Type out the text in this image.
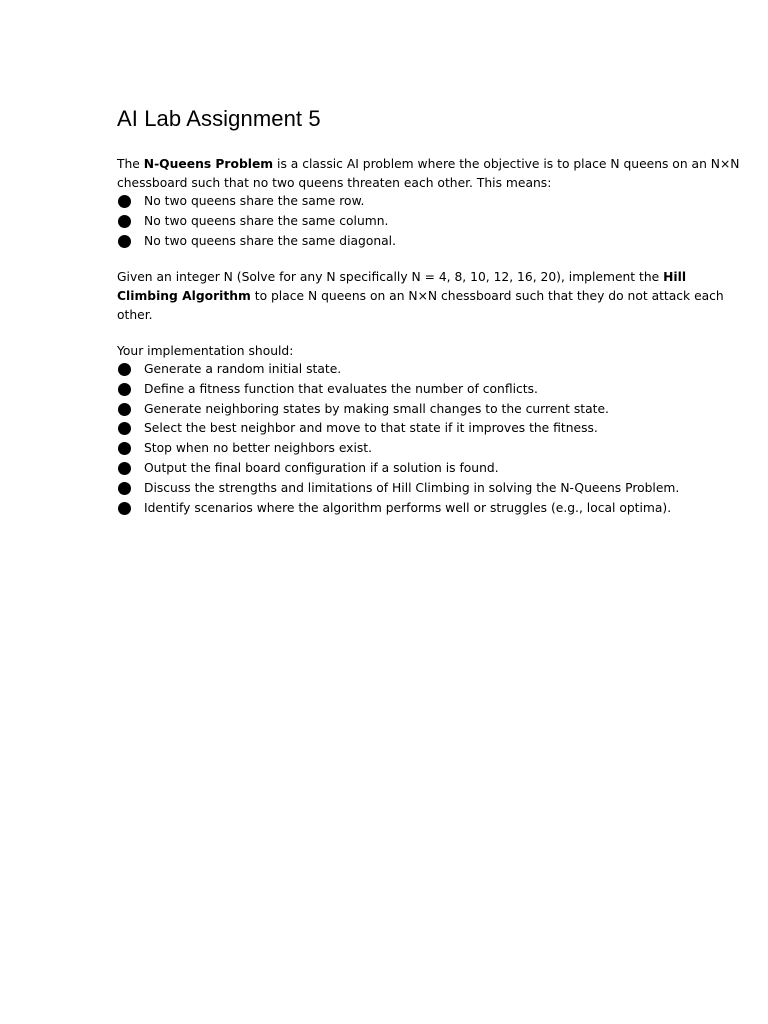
AI Lab Assignment 5

The N-Queens Problem is a classic AI problem where the objective is to place N queens on an N×N chessboard such that no two queens threaten each other. This means:

No two queens share the same row.
No two queens share the same column.
No two queens share the same diagonal.

Given an integer N (Solve for any N specifically N = 4, 8, 10, 12, 16, 20), implement the Hill Climbing Algorithm to place N queens on an N×N chessboard such that they do not attack each other.

Your implementation should:

Generate a random initial state.
Define a fitness function that evaluates the number of conflicts.
Generate neighboring states by making small changes to the current state.
Select the best neighbor and move to that state if it improves the fitness.
Stop when no better neighbors exist.
Output the final board configuration if a solution is found.
Discuss the strengths and limitations of Hill Climbing in solving the N-Queens Problem.
Identify scenarios where the algorithm performs well or struggles (e.g., local optima).
